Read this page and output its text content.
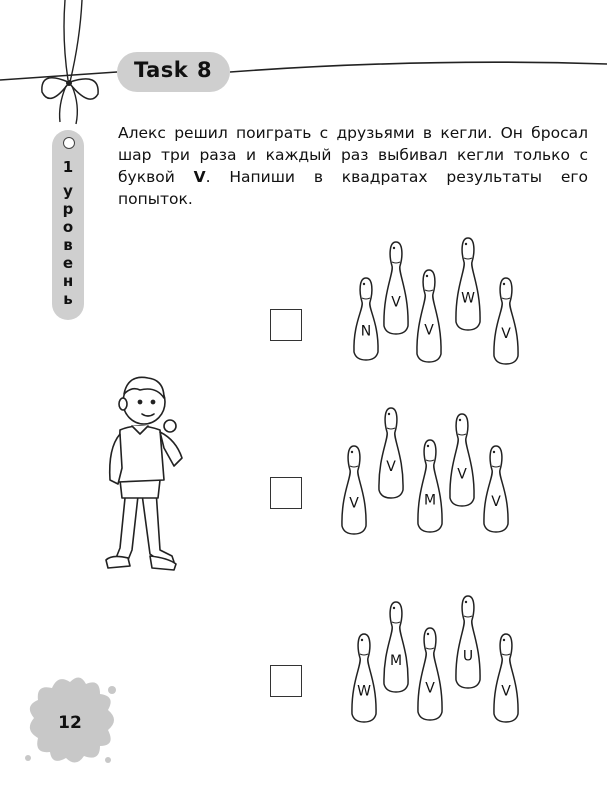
Task 8
1
у
р
о
в
е
н
ь
Алекс решил поиграть с друзьями в кегли. Он бросал шар три раза и каждый раз выбивал кегли только с буквой V. Напиши в квадратах результаты его попыток.
N
V
V
W
V
V
V
M
V
V
W
M
V
U
V
12
